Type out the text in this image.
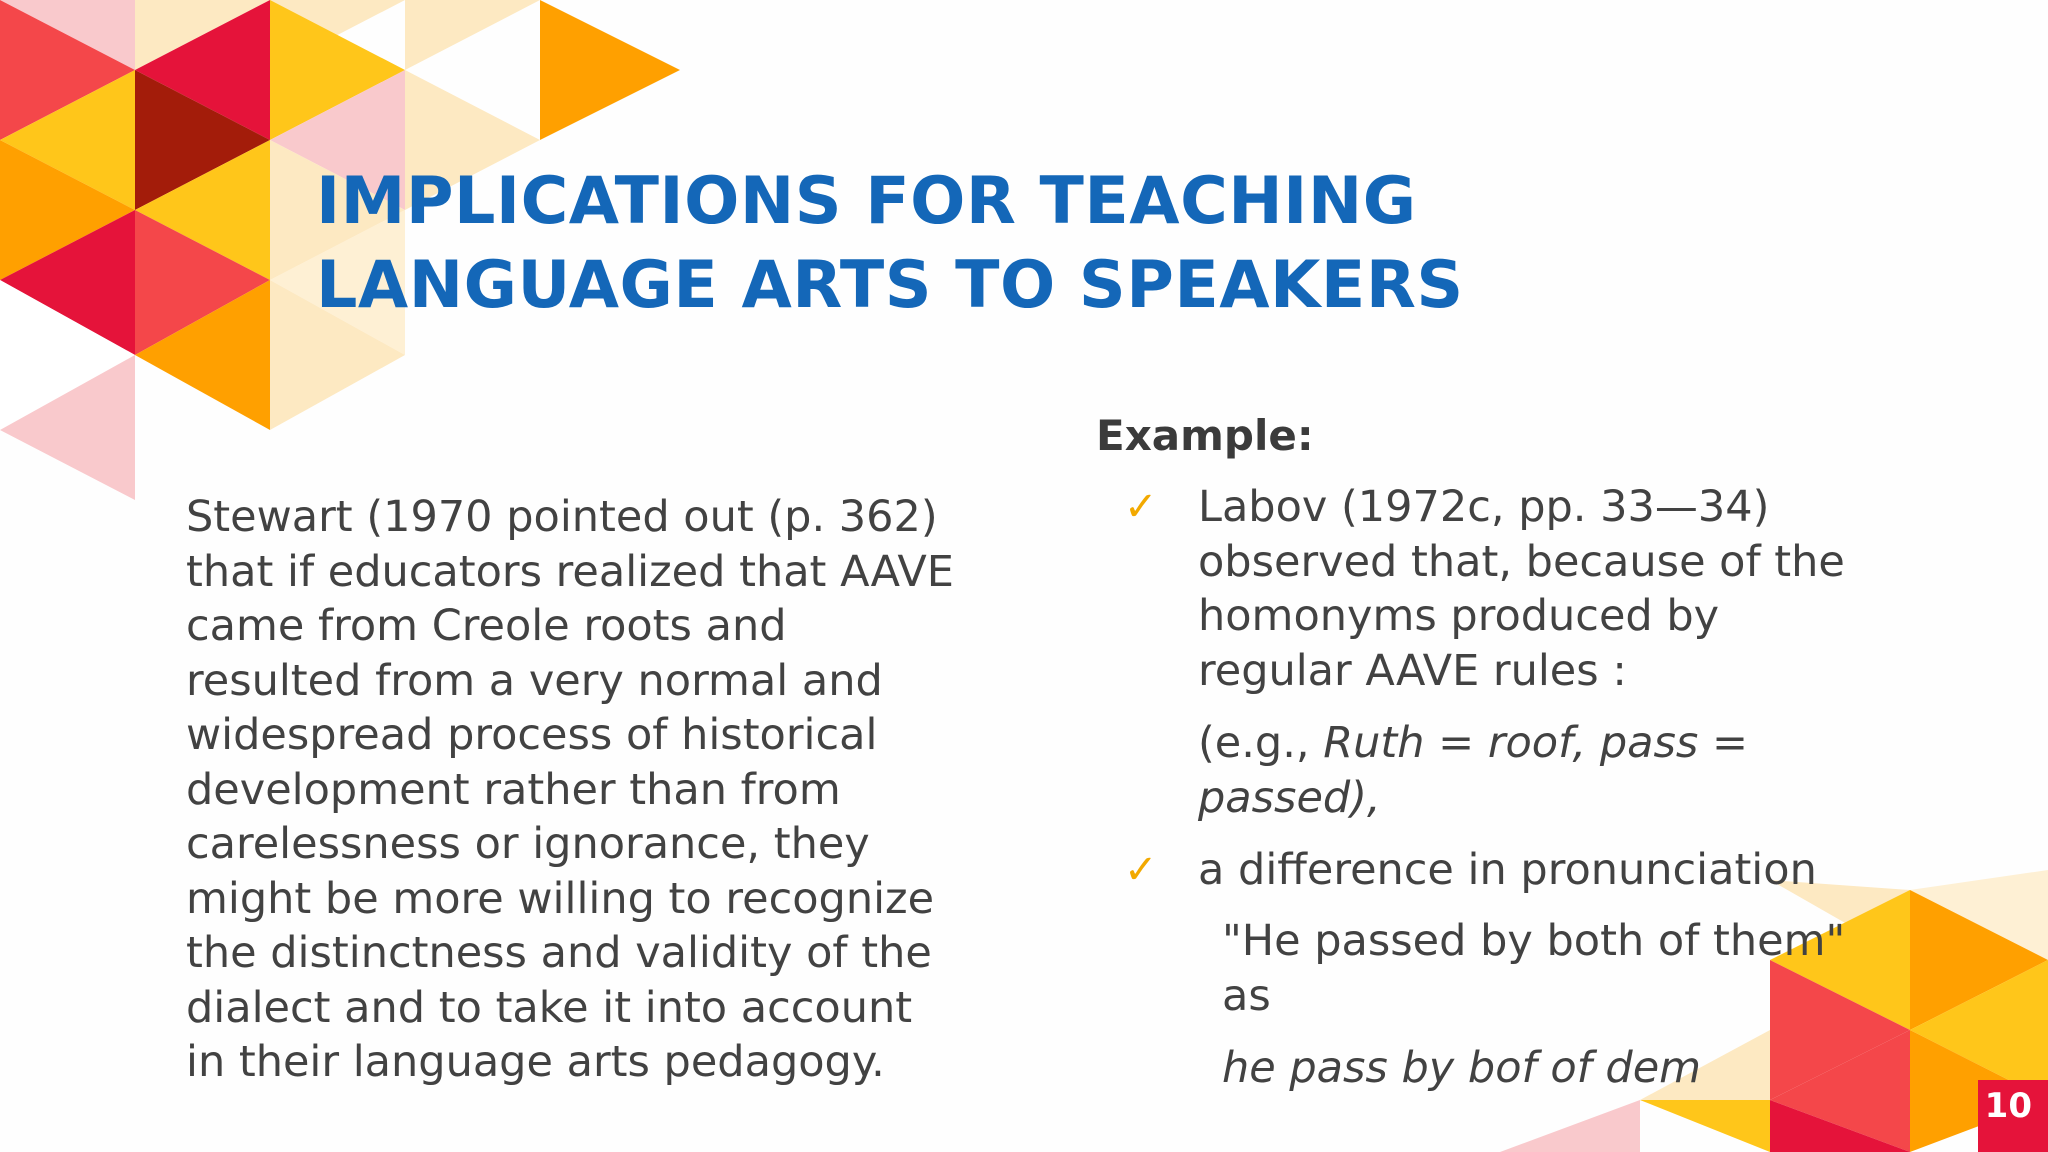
IMPLICATIONS FOR TEACHING
LANGUAGE ARTS TO SPEAKERS
Stewart (1970 pointed out (p. 362)
that if educators realized that AAVE
came from Creole roots and
resulted from a very normal and
widespread process of historical
development rather than from
carelessness or ignorance, they
might be more willing to recognize
the distinctness and validity of the
dialect and to take it into account
in their language arts pedagogy.
Example:
✓ Labov (1972c, pp. 33—34)
observed that, because of the
homonyms produced by
regular AAVE rules :
(e.g., Ruth = roof, pass =
passed),
✓ a difference in pronunciation
"He passed by both of them"
as
he pass by bof of dem
10
